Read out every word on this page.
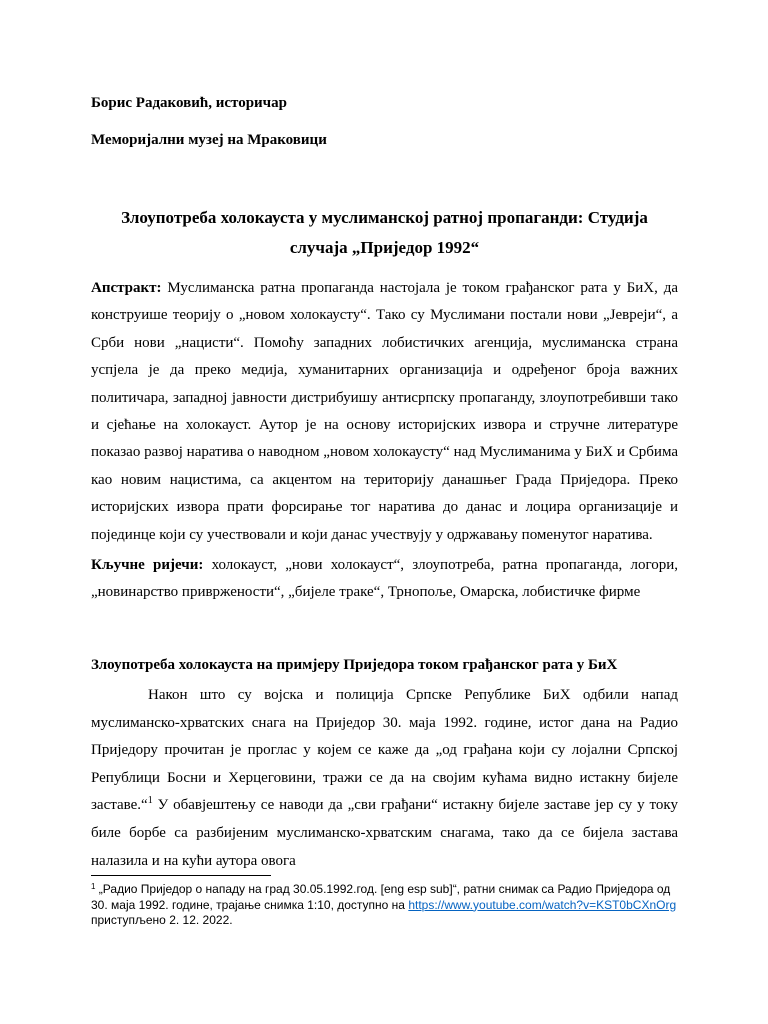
Борис Радаковић, историчар
Меморијални музеј на Мраковици
Злоупотреба холокауста у муслиманској ратној пропаганди: Студија
случаја „Приједор 1992“
Апстракт: Муслиманска ратна пропаганда настојала је током грађанског рата у БиХ, да конструише теорију о „новом холокаусту“. Тако су Муслимани постали нови „Јевреји“, а Срби нови „нацисти“. Помоћу западних лобистичких агенција, муслиманска страна успјела је да преко медија, хуманитарних организација и одређеног броја важних политичара, западној јавности дистрибуишу антисрпску пропаганду, злоупотребивши тако и сјећање на холокауст. Аутор је на основу историјских извора и стручне литературе показао развој наратива о наводном „новом холокаусту“ над Муслиманима у БиХ и Србима као новим нацистима, са акцентом на територију данашњег Града Приједора. Преко историјских извора прати форсирање тог наратива до данас и лоцира организације и појединце који су учествовали и који данас учествују у одржавању поменутог наратива.
Кључне ријечи: холокауст, „нови холокауст“, злоупотреба, ратна пропаганда, логори, „новинарство привржености“, „бијеле траке“, Трнопоље, Омарска, лобистичке фирме
Злоупотреба холокауста на примјеру Приједора током грађанског рата у БиХ
Након што су војска и полиција Српске Републике БиХ одбили напад муслиманско-хрватских снага на Приједор 30. маја 1992. године, истог дана на Радио Приједору прочитан је проглас у којем се каже да „од грађана који су лојални Српској Републици Босни и Херцеговини, тражи се да на својим кућама видно истакну бијеле заставе.“$^1$ У обавјештењу се наводи да „сви грађани“ истакну бијеле заставе јер су у току биле борбе са разбијеним муслиманско-хрватским снагама, тако да се бијела застава налазила и на кући аутора овога
$^1$ „Радио Приједор о нападу на град 30.05.1992.год. [eng esp sub]“, ратни снимак са Радио Приједора од 30. маја 1992. године, трајање снимка 1:10, доступно на https://www.youtube.com/watch?v=KST0bCXnOrg
приступљено 2. 12. 2022.
